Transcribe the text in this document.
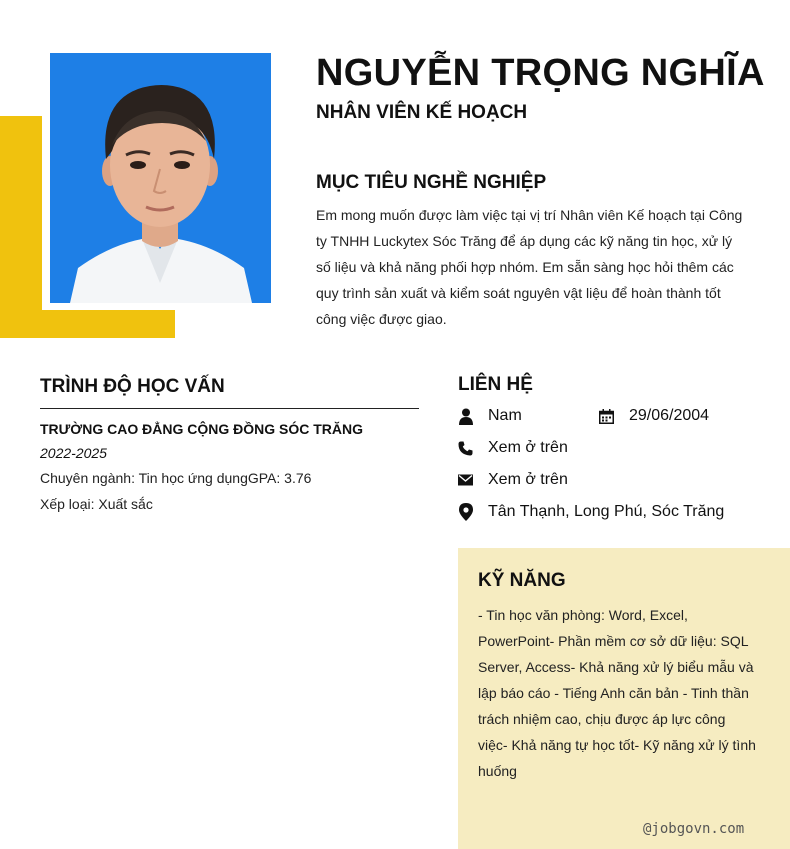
NGUYỄN TRỌNG NGHĨA
NHÂN VIÊN KẾ HOẠCH
MỤC TIÊU NGHỀ NGHIỆP
Em mong muốn được làm việc tại vị trí Nhân viên Kế hoạch tại Công ty TNHH Luckytex Sóc Trăng để áp dụng các kỹ năng tin học, xử lý số liệu và khả năng phối hợp nhóm. Em sẵn sàng học hỏi thêm các quy trình sản xuất và kiểm soát nguyên vật liệu để hoàn thành tốt công việc được giao.
TRÌNH ĐỘ HỌC VẤN
TRƯỜNG CAO ĐẲNG CỘNG ĐỒNG SÓC TRĂNG
2022-2025
Chuyên ngành: Tin học ứng dụngGPA: 3.76
Xếp loại: Xuất sắc
LIÊN HỆ
Nam	29/06/2004
Xem ở trên
Xem ở trên
Tân Thạnh, Long Phú, Sóc Trăng
KỸ NĂNG
- Tin học văn phòng: Word, Excel, PowerPoint- Phần mềm cơ sở dữ liệu: SQL Server, Access- Khả năng xử lý biểu mẫu và lập báo cáo - Tiếng Anh căn bản - Tinh thần trách nhiệm cao, chịu được áp lực công việc- Khả năng tự học tốt- Kỹ năng xử lý tình huống
@jobgovn.com
